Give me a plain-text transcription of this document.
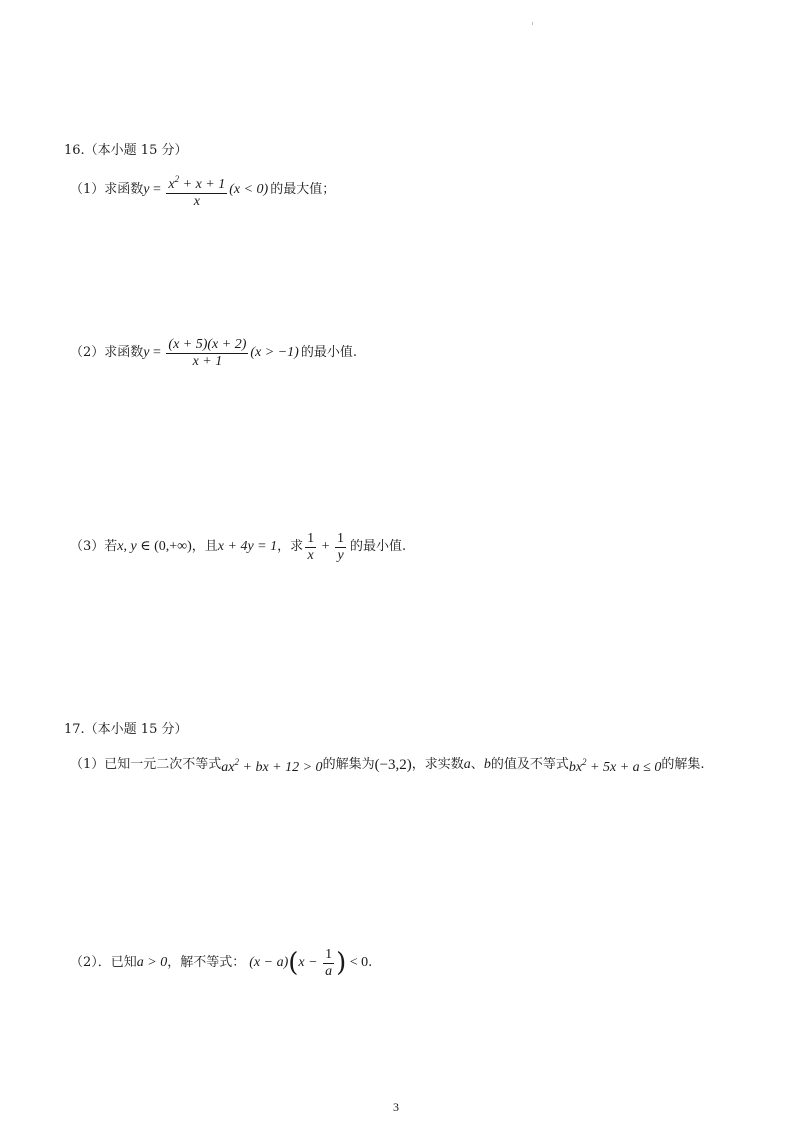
16.（本小题 15 分）
（1）求函数 $y = \frac{x^2 + x + 1}{x} (x < 0)$ 的最大值；
（2）求函数 $y = \frac{(x + 5)(x + 2)}{x + 1} (x > -1)$ 的最小值.
（3）若 x, y ∈ (0,+∞) ，且 x + 4y = 1 ，求 $\frac{1}{x} + \frac{1}{y}$ 的最小值.
17.（本小题 15 分）
（1）已知一元二次不等式 $ax^2$ + bx + 12 > 0 的解集为 (−3,2) ，求实数 a 、 b 的值及不等式 $bx^2 + 5x + a \le 0$ 的解集.
（2）．已知 a > 0 ，解不等式： (x − a) ( $x - \frac{1}{a}$ ) < 0 .
3
